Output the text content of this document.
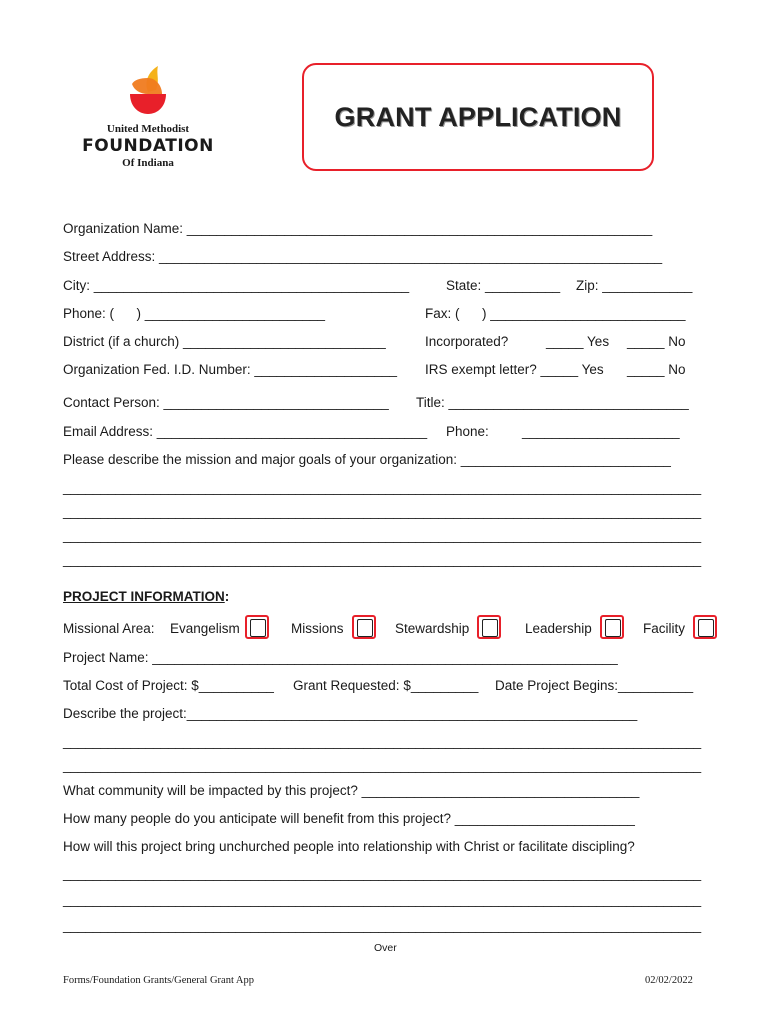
United Methodist
FOUNDATION
Of Indiana
GRANT APPLICATION
Organization Name: ______________________________________________________________
Street Address: ___________________________________________________________________
City: __________________________________________	State: __________ Zip: ____________
Phone: (      ) ________________________	Fax: (      ) __________________________
District (if a church) ___________________________	Incorporated?	_____ Yes _____ No
Organization Fed. I.D. Number: ___________________ IRS exempt letter? _____ Yes _____ No
Contact Person: ______________________________ Title: ________________________________
Email Address: ____________________________________ Phone: _____________________
Please describe the mission and major goals of your organization: ____________________________
_____________________________________________________________________________________
_____________________________________________________________________________________
_____________________________________________________________________________________
_____________________________________________________________________________________
PROJECT INFORMATION:
Missional Area: Evangelism	Missions	Stewardship	Leadership	Facility
Project Name: ______________________________________________________________
Total Cost of Project: $__________ Grant Requested: $_________ Date Project Begins:__________
Describe the project:____________________________________________________________
_____________________________________________________________________________________
_____________________________________________________________________________________
What community will be impacted by this project? _____________________________________
How many people do you anticipate will benefit from this project? ________________________
How will this project bring unchurched people into relationship with Christ or facilitate discipling?
_____________________________________________________________________________________
_____________________________________________________________________________________
_____________________________________________________________________________________
Over
Forms/Foundation Grants/General Grant App	02/02/2022
